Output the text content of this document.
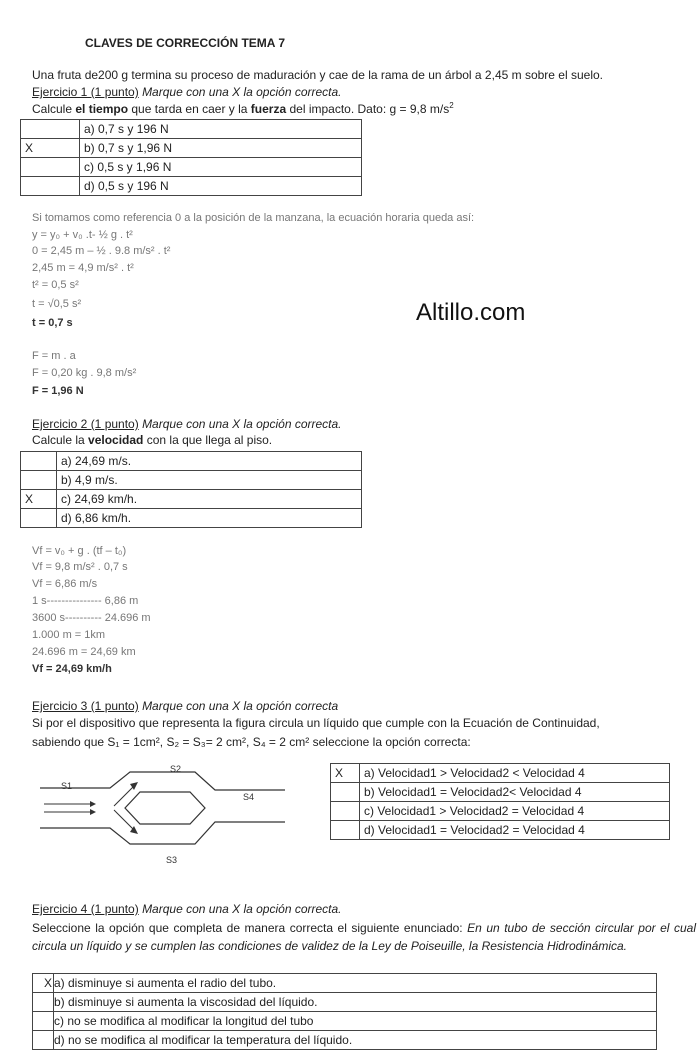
CLAVES DE CORRECCIÓN TEMA 7
Una fruta de200 g termina su proceso de maduración y cae de la rama de un árbol a 2,45 m sobre el suelo.
Ejercicio 1 (1 punto) Marque con una X la opción correcta.
Calcule el tiempo que tarda en caer y la fuerza del impacto. Dato: g = 9,8 $m/s^2$
	a) 0,7 s y 196 N
X	b) 0,7 s y 1,96 N
	c) 0,5 s y 1,96 N
	d) 0,5 s y 196 N
Si tomamos como referencia 0 a la posición de la manzana, la ecuación horaria queda así:
y = y₀ + v₀ .t- ½ g . t²
0 = 2,45 m – ½ . 9.8 m/s² . t²
2,45 m = 4,9 m/s² . t²
t² = 0,5 s²
t = √0,5 s²
t = 0,7 s	Altillo.com
F = m . a
F = 0,20 kg . 9,8 m/s²
F = 1,96 N
Ejercicio 2 (1 punto) Marque con una X la opción correcta.
Calcule la velocidad con la que llega al piso.
	a) 24,69 m/s.
	b) 4,9 m/s.
X	c) 24,69 km/h.
	d) 6,86 km/h.
Vf = v₀ + g . (tf – t₀)
Vf = 9,8 m/s² . 0,7 s
Vf = 6,86 m/s
1 s--------------- 6,86 m
3600 s---------- 24.696 m
1.000 m = 1km
24.696 m = 24,69 km
Vf = 24,69 km/h
Ejercicio 3 (1 punto) Marque con una X la opción correcta
Si por el dispositivo que representa la figura circula un líquido que cumple con la Ecuación de Continuidad,
sabiendo que S₁ = 1cm², S₂ = S₃= 2 cm², S₄ = 2 cm² seleccione la opción correcta:
S1
S2
S4
S3
X	a) Velocidad1 > Velocidad2 < Velocidad 4
	b) Velocidad1 = Velocidad2< Velocidad 4
	c) Velocidad1 > Velocidad2 = Velocidad 4
	d) Velocidad1 = Velocidad2 = Velocidad 4
Ejercicio 4 (1 punto) Marque con una X la opción correcta.
Seleccione la opción que completa de manera correcta el siguiente enunciado: En un tubo de sección circular por el cual circula un líquido y se cumplen las condiciones de validez de la Ley de Poiseuille, la Resistencia Hidrodinámica.
X	a) disminuye si aumenta el radio del tubo.
	b) disminuye si aumenta la viscosidad del líquido.
	c) no se modifica al modificar la longitud del tubo
	d) no se modifica al modificar la temperatura del líquido.
